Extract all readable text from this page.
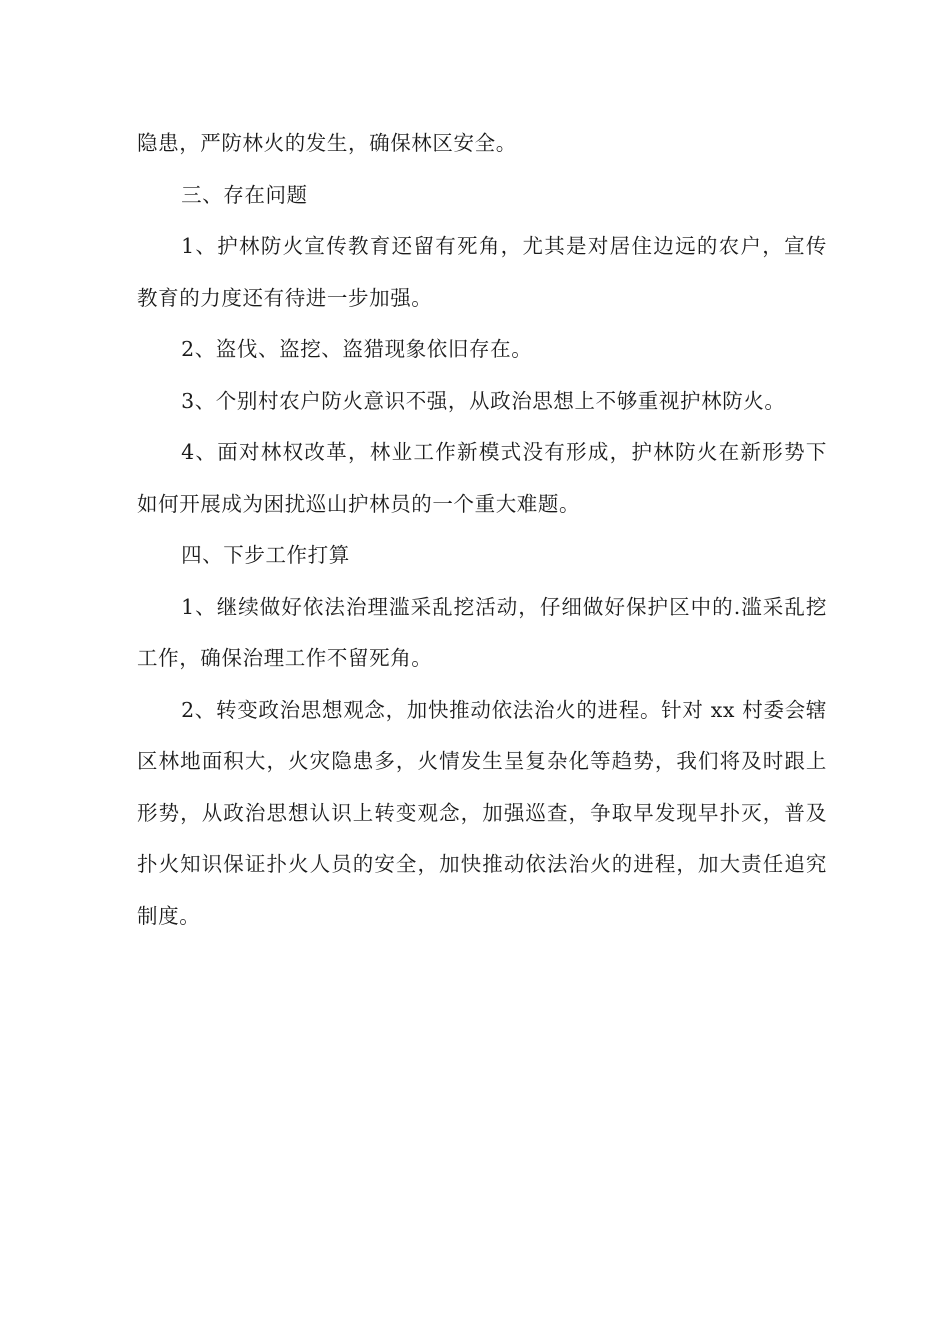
隐患，严防林火的发生，确保林区安全。

三、存在问题

1、护林防火宣传教育还留有死角，尤其是对居住边远的农户，宣传教育的力度还有待进一步加强。

2、盗伐、盗挖、盗猎现象依旧存在。

3、个别村农户防火意识不强，从政治思想上不够重视护林防火。

4、面对林权改革，林业工作新模式没有形成，护林防火在新形势下如何开展成为困扰巡山护林员的一个重大难题。

四、下步工作打算

1、继续做好依法治理滥采乱挖活动，仔细做好保护区中的.滥采乱挖工作，确保治理工作不留死角。

2、转变政治思想观念，加快推动依法治火的进程。针对 xx 村委会辖区林地面积大，火灾隐患多，火情发生呈复杂化等趋势，我们将及时跟上形势，从政治思想认识上转变观念，加强巡查，争取早发现早扑灭，普及扑火知识保证扑火人员的安全，加快推动依法治火的进程，加大责任追究制度。
